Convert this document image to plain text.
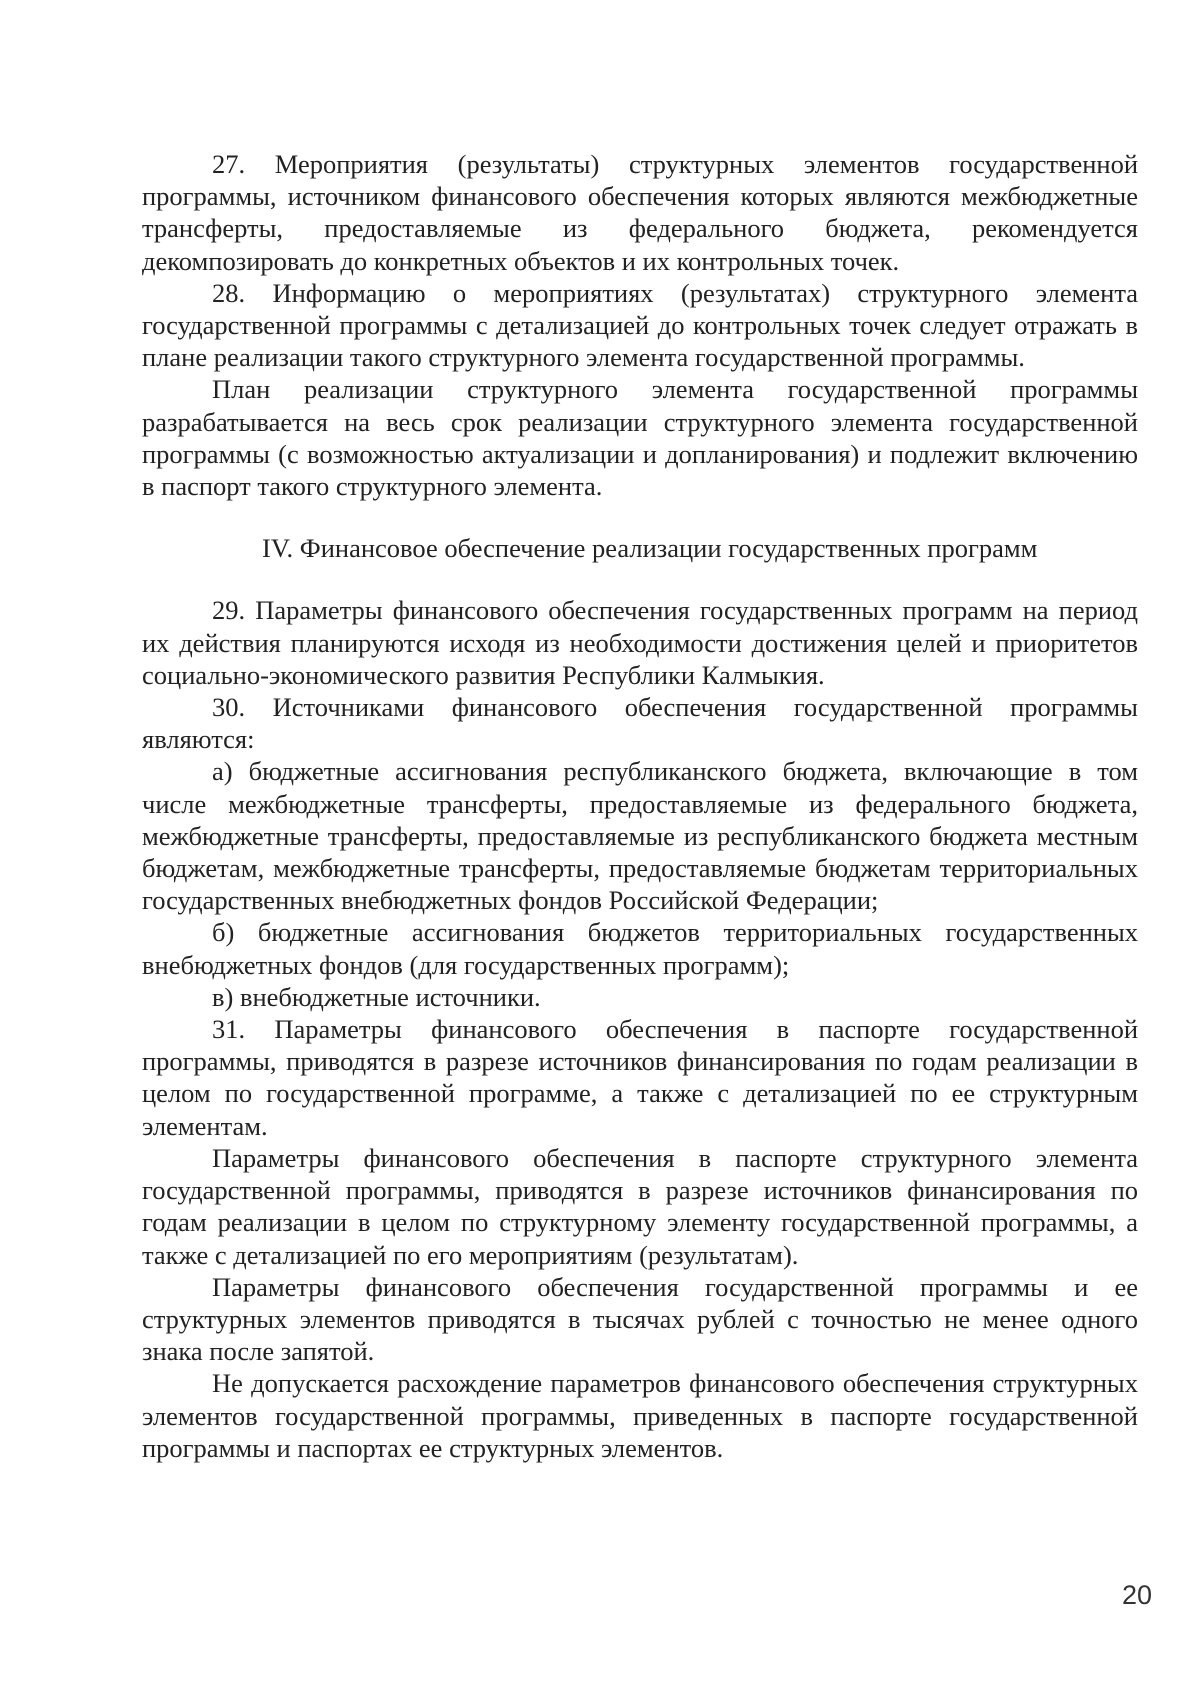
27. Мероприятия (результаты) структурных элементов государственной программы, источником финансового обеспечения которых являются межбюджетные трансферты, предоставляемые из федерального бюджета, рекомендуется декомпозировать до конкретных объектов и их контрольных точек.

28. Информацию о мероприятиях (результатах) структурного элемента государственной программы с детализацией до контрольных точек следует отражать в плане реализации такого структурного элемента государственной программы.

План реализации структурного элемента государственной программы разрабатывается на весь срок реализации структурного элемента государственной программы (с возможностью актуализации и допланирования) и подлежит включению в паспорт такого структурного элемента.

IV. Финансовое обеспечение реализации государственных программ

29. Параметры финансового обеспечения государственных программ на период их действия планируются исходя из необходимости достижения целей и приоритетов социально-экономического развития Республики Калмыкия.

30. Источниками финансового обеспечения государственной программы являются:

а) бюджетные ассигнования республиканского бюджета, включающие в том числе межбюджетные трансферты, предоставляемые из федерального бюджета, межбюджетные трансферты, предоставляемые из республиканского бюджета местным бюджетам, межбюджетные трансферты, предоставляемые бюджетам территориальных государственных внебюджетных фондов Российской Федерации;

б) бюджетные ассигнования бюджетов территориальных государственных внебюджетных фондов (для государственных программ);

в) внебюджетные источники.

31. Параметры финансового обеспечения в паспорте государственной программы, приводятся в разрезе источников финансирования по годам реализации в целом по государственной программе, а также с детализацией по ее структурным элементам.

Параметры финансового обеспечения в паспорте структурного элемента государственной программы, приводятся в разрезе источников финансирования по годам реализации в целом по структурному элементу государственной программы, а также с детализацией по его мероприятиям (результатам).

Параметры финансового обеспечения государственной программы и ее структурных элементов приводятся в тысячах рублей с точностью не менее одного знака после запятой.

Не допускается расхождение параметров финансового обеспечения структурных элементов государственной программы, приведенных в паспорте государственной программы и паспортах ее структурных элементов.

20
